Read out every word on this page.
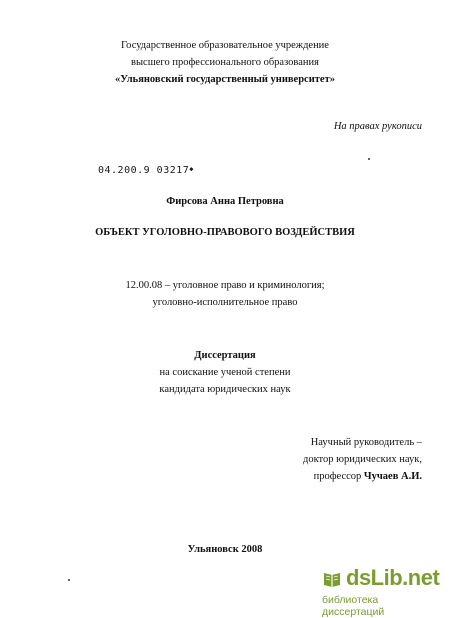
Государственное образовательное учреждение
высшего профессионального образования
«Ульяновский государственный университет»
На правах рукописи
04.200.9 03217◆
Фирсова Анна Петровна
ОБЪЕКТ УГОЛОВНО-ПРАВОВОГО ВОЗДЕЙСТВИЯ
12.00.08 – уголовное право и криминология;
уголовно-исполнительное право
Диссертация
на соискание ученой степени
кандидата юридических наук
Научный руководитель –
доктор юридических наук,
профессор Чучаев А.И.
Ульяновск 2008
dsLib.net
библиотека диссертаций
